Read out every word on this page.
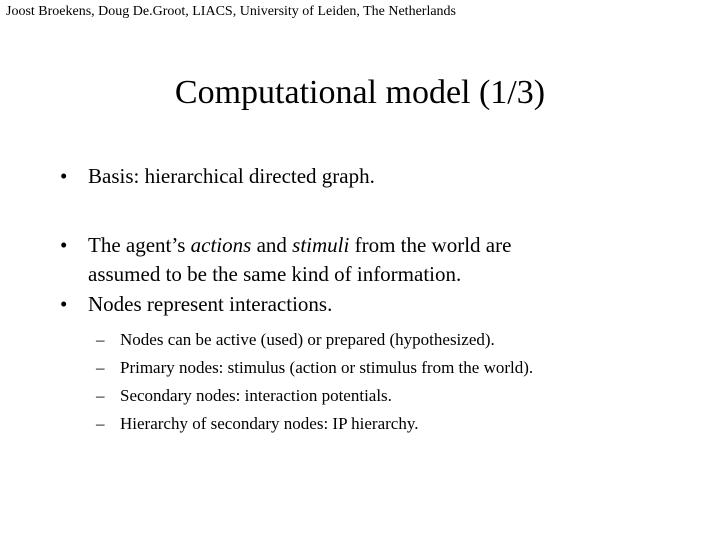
Joost Broekens, Doug De.Groot, LIACS, University of Leiden, The Netherlands
Computational model (1/3)
• Basis: hierarchical directed graph.
• The agent’s actions and stimuli from the world are
assumed to be the same kind of information.
• Nodes represent interactions.
– Nodes can be active (used) or prepared (hypothesized).
– Primary nodes: stimulus (action or stimulus from the world).
– Secondary nodes: interaction potentials.
– Hierarchy of secondary nodes: IP hierarchy.
